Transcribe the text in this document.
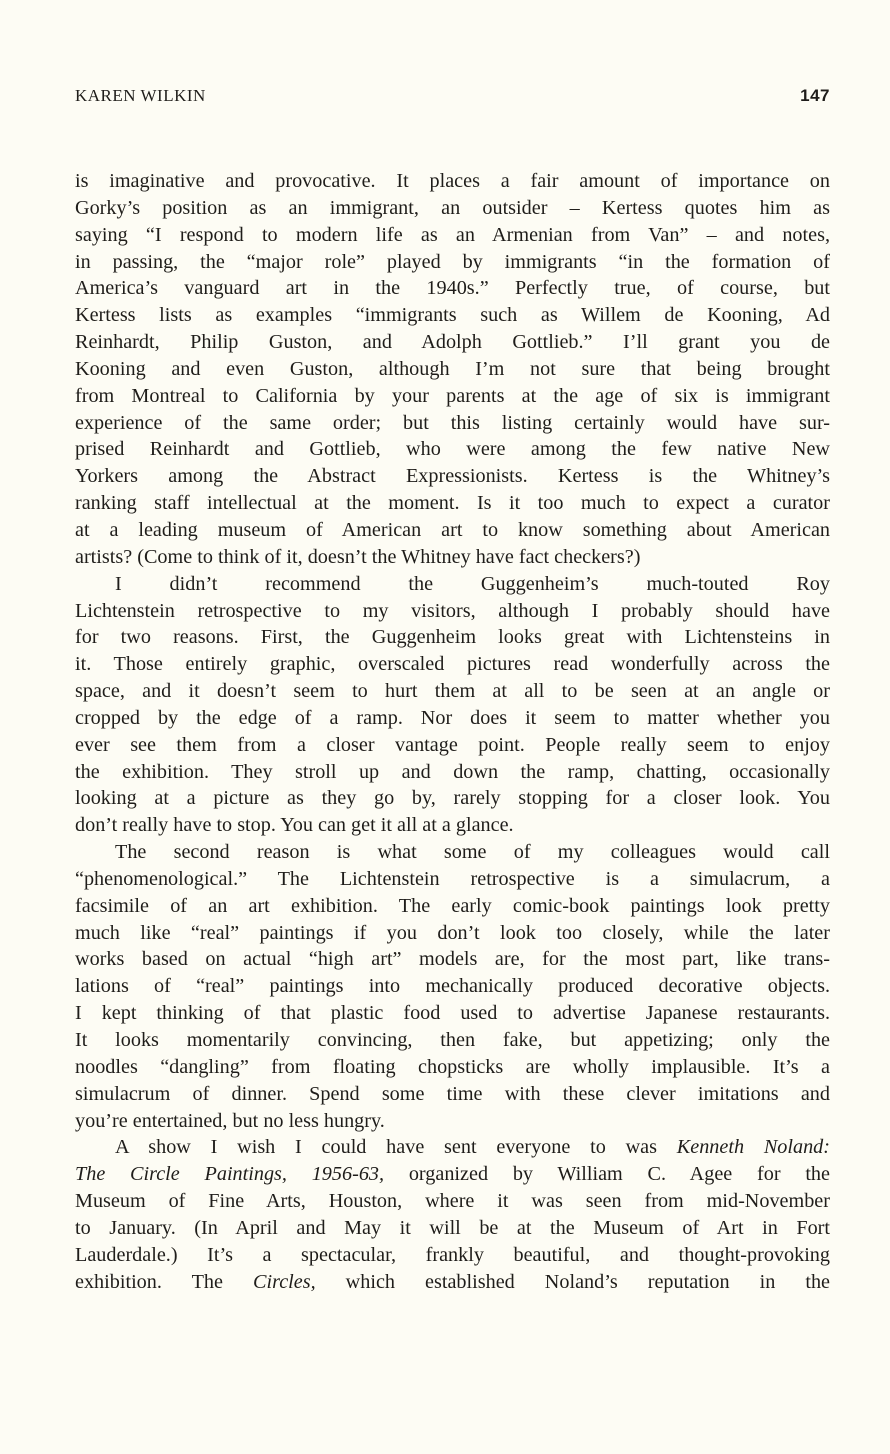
KAREN WILKIN	147
is imaginative and provocative. It places a fair amount of importance on
Gorky’s position as an immigrant, an outsider – Kertess quotes him as
saying “I respond to modern life as an Armenian from Van” – and notes,
in passing, the “major role” played by immigrants “in the formation of
America’s vanguard art in the 1940s.” Perfectly true, of course, but
Kertess lists as examples “immigrants such as Willem de Kooning, Ad
Reinhardt, Philip Guston, and Adolph Gottlieb.” I’ll grant you de
Kooning and even Guston, although I’m not sure that being brought
from Montreal to California by your parents at the age of six is immigrant
experience of the same order; but this listing certainly would have sur-
prised Reinhardt and Gottlieb, who were among the few native New
Yorkers among the Abstract Expressionists. Kertess is the Whitney’s
ranking staff intellectual at the moment. Is it too much to expect a curator
at a leading museum of American art to know something about American
artists? (Come to think of it, doesn’t the Whitney have fact checkers?)
I didn’t recommend the Guggenheim’s much-touted Roy
Lichtenstein retrospective to my visitors, although I probably should have
for two reasons. First, the Guggenheim looks great with Lichtensteins in
it. Those entirely graphic, overscaled pictures read wonderfully across the
space, and it doesn’t seem to hurt them at all to be seen at an angle or
cropped by the edge of a ramp. Nor does it seem to matter whether you
ever see them from a closer vantage point. People really seem to enjoy
the exhibition. They stroll up and down the ramp, chatting, occasionally
looking at a picture as they go by, rarely stopping for a closer look. You
don’t really have to stop. You can get it all at a glance.
The second reason is what some of my colleagues would call
“phenomenological.” The Lichtenstein retrospective is a simulacrum, a
facsimile of an art exhibition. The early comic-book paintings look pretty
much like “real” paintings if you don’t look too closely, while the later
works based on actual “high art” models are, for the most part, like trans-
lations of “real” paintings into mechanically produced decorative objects.
I kept thinking of that plastic food used to advertise Japanese restaurants.
It looks momentarily convincing, then fake, but appetizing; only the
noodles “dangling” from floating chopsticks are wholly implausible. It’s a
simulacrum of dinner. Spend some time with these clever imitations and
you’re entertained, but no less hungry.
A show I wish I could have sent everyone to was Kenneth Noland:
The Circle Paintings, 1956-63, organized by William C. Agee for the
Museum of Fine Arts, Houston, where it was seen from mid-November
to January. (In April and May it will be at the Museum of Art in Fort
Lauderdale.) It’s a spectacular, frankly beautiful, and thought-provoking
exhibition. The Circles, which established Noland’s reputation in the
